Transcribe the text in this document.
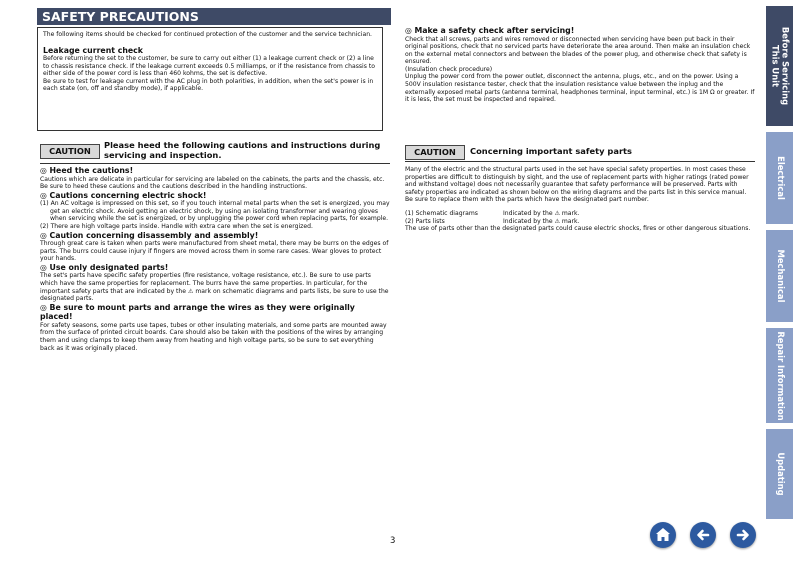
SAFETY PRECAUTIONS
The following items should be checked for continued protection of the customer and the service technician.
Leakage current check
Before returning the set to the customer, be sure to carry out either (1) a leakage current check or (2) a line to chassis resistance check. If the leakage current exceeds 0.5 milliamps, or if the resistance from chassis to either side of the power cord is less than 460 kohms, the set is defective.
Be sure to test for leakage current with the AC plug in both polarities, in addition, when the set's power is in each state (on, off and standby mode), if applicable.
CAUTION
Please heed the following cautions and instructions during servicing and inspection.
◎ Heed the cautions!
Cautions which are delicate in particular for servicing are labeled on the cabinets, the parts and the chassis, etc. Be sure to heed these cautions and the cautions described in the handling instructions.
◎ Cautions concerning electric shock!
(1) An AC voltage is impressed on this set, so if you touch internal metal parts when the set is energized, you may get an electric shock. Avoid getting an electric shock, by using an isolating transformer and wearing gloves when servicing while the set is energized, or by unplugging the power cord when replacing parts, for example.
(2) There are high voltage parts inside. Handle with extra care when the set is energized.
◎ Caution concerning disassembly and assembly!
Through great care is taken when parts were manufactured from sheet metal, there may be burrs on the edges of parts. The burrs could cause injury if fingers are moved across them in some rare cases. Wear gloves to protect your hands.
◎ Use only designated parts!
The set's parts have specific safety properties (fire resistance, voltage resistance, etc.). Be sure to use parts which have the same properties for replacement. The burrs have the same properties. In particular, for the important safety parts that are indicated by the ⚠ mark on schematic diagrams and parts lists, be sure to use the designated parts.
◎ Be sure to mount parts and arrange the wires as they were originally placed!
For safety seasons, some parts use tapes, tubes or other insulating materials, and some parts are mounted away from the surface of printed circuit boards. Care should also be taken with the positions of the wires by arranging them and using clamps to keep them away from heating and high voltage parts, so be sure to set everything back as it was originally placed.
◎ Make a safety check after servicing!
Check that all screws, parts and wires removed or disconnected when servicing have been put back in their original positions, check that no serviced parts have deteriorate the area around. Then make an insulation check on the external metal connectors and between the blades of the power plug, and otherwise check that safety is ensured.
(Insulation check procedure)
Unplug the power cord from the power outlet, disconnect the antenna, plugs, etc., and on the power. Using a 500V insulation resistance tester, check that the insulation resistance value between the inplug and the externally exposed metal parts (antenna terminal, headphones terminal, input terminal, etc.) is 1M Ω or greater. If it is less, the set must be inspected and repaired.
CAUTION	Concerning important safety parts
Many of the electric and the structural parts used in the set have special safety properties. In most cases these properties are difficult to distinguish by sight, and the use of replacement parts with higher ratings (rated power and withstand voltage) does not necessarily guarantee that safety performance will be preserved. Parts with safety properties are indicated as shown below on the wiring diagrams and the parts list in this service manual. Be sure to replace them with the parts which have the designated part number.
(1) Schematic diagrams	Indicated by the ⚠ mark.
(2) Parts lists	Indicated by the ⚠ mark.
The use of parts other than the designated parts could cause electric shocks, fires or other dangerous situations.
Before Servicing
This Unit
Electrical
Mechanical
Repair Information
Updating
3
